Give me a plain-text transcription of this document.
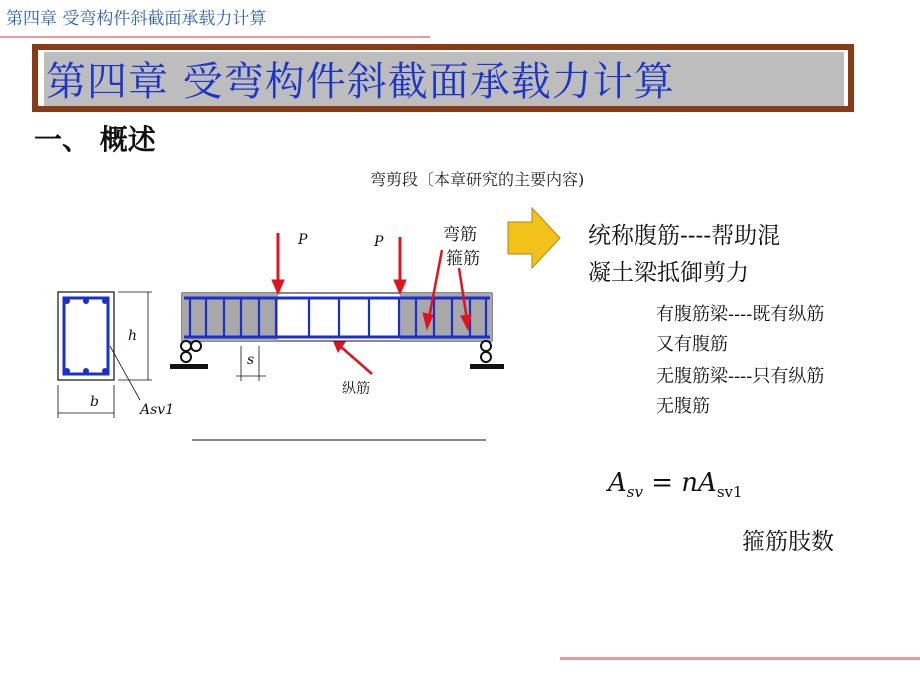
第四章 受弯构件斜截面承载力计算
第四章 受弯构件斜截面承载力计算
一、 概述
弯剪段〔本章研究的主要内容)
P	P	弯筋
箍筋
纵筋
s
h
b	Asv1
统称腹筋----帮助混
凝土梁抵御剪力
有腹筋梁----既有纵筋
又有腹筋
无腹筋梁----只有纵筋
无腹筋
$A_{sv} = nA_{sv1}$
箍筋肢数
